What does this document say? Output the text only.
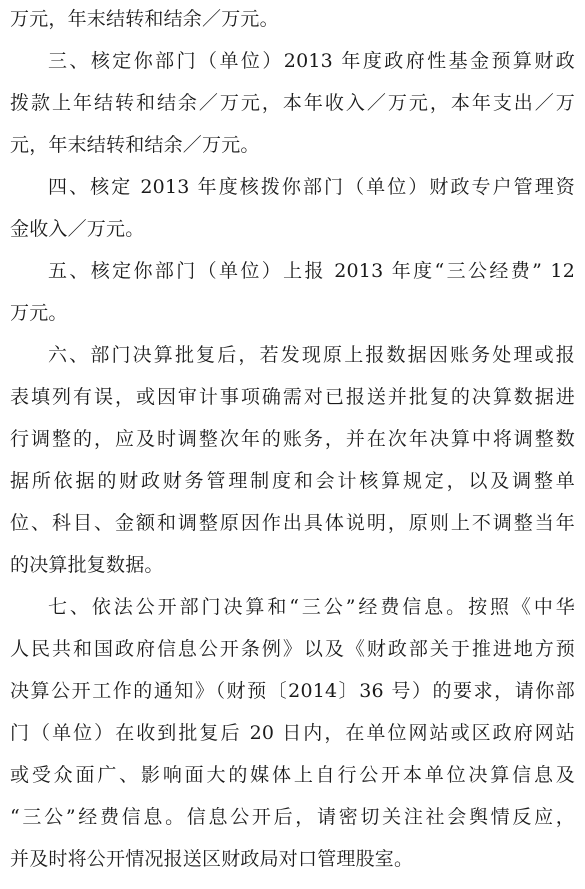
万元，年末结转和结余／万元。
三、核定你部门（单位）2013 年度政府性基金预算财政
拨款上年结转和结余／万元，本年收入／万元，本年支出／万
元，年末结转和结余／万元。
四、核定 2013 年度核拨你部门（单位）财政专户管理资
金收入／万元。
五、核定你部门（单位）上报 2013 年度“三公经费” 12
万元。
六、部门决算批复后，若发现原上报数据因账务处理或报
表填列有误，或因审计事项确需对已报送并批复的决算数据进
行调整的，应及时调整次年的账务，并在次年决算中将调整数
据所依据的财政财务管理制度和会计核算规定，以及调整单
位、科目、金额和调整原因作出具体说明，原则上不调整当年
的决算批复数据。
七、依法公开部门决算和“三公”经费信息。按照《中华
人民共和国政府信息公开条例》以及《财政部关于推进地方预
决算公开工作的通知》（财预〔2014〕36 号）的要求，请你部
门（单位）在收到批复后 20 日内，在单位网站或区政府网站
或受众面广、影响面大的媒体上自行公开本单位决算信息及
“三公”经费信息。信息公开后，请密切关注社会舆情反应，
并及时将公开情况报送区财政局对口管理股室。
